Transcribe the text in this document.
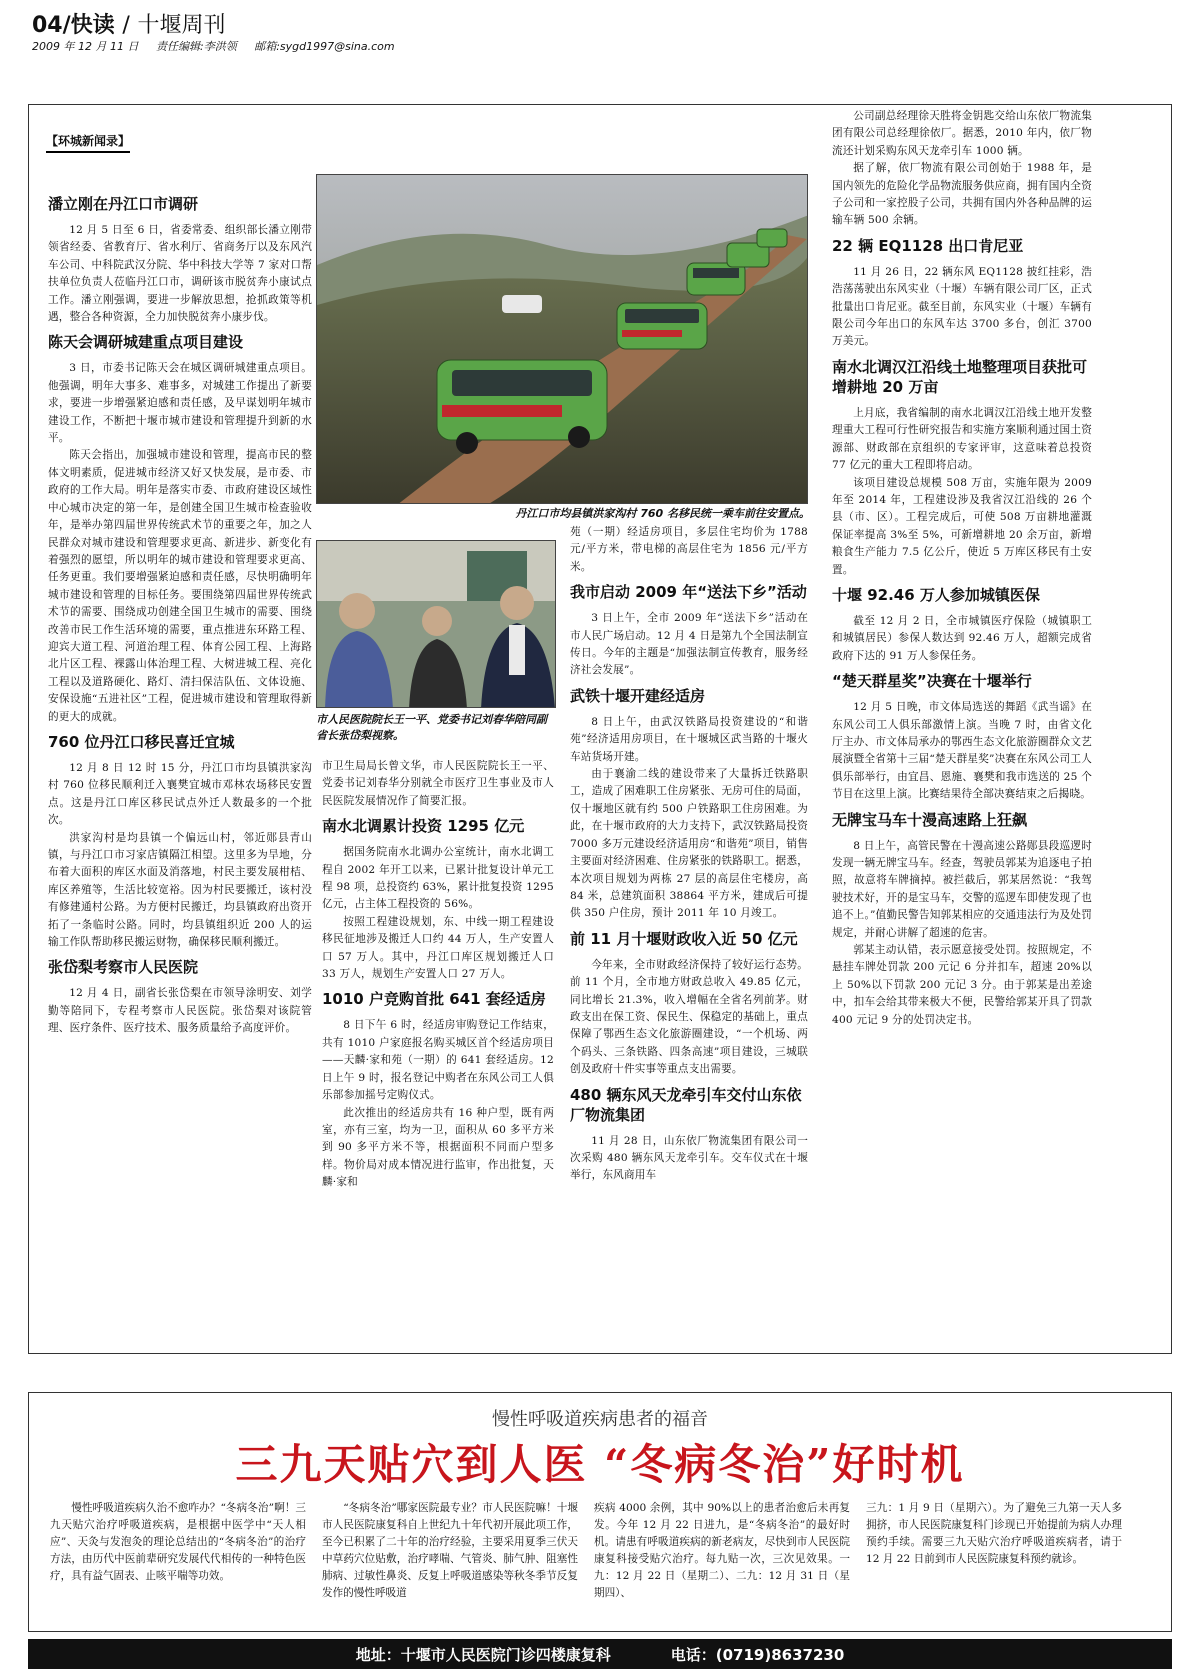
04/快读 / 十堰周刊
2009 年 12 月 11 日 责任编辑:李洪领 邮箱:sygd1997@sina.com
【环城新闻录】
潘立刚在丹江口市调研

12 月 5 日至 6 日，省委常委、组织部长潘立刚带领省经委、省教育厅、省水利厅、省商务厅以及东风汽车公司、中科院武汉分院、华中科技大学等 7 家对口帮扶单位负责人莅临丹江口市，调研该市脱贫奔小康试点工作。潘立刚强调，要进一步解放思想，抢抓政策等机遇，整合各种资源，全力加快脱贫奔小康步伐。

陈天会调研城建重点项目建设

3 日，市委书记陈天会在城区调研城建重点项目。他强调，明年大事多、难事多，对城建工作提出了新要求，要进一步增强紧迫感和责任感，及早谋划明年城市建设工作，不断把十堰市城市建设和管理提升到新的水平。

陈天会指出，加强城市建设和管理，提高市民的整体文明素质，促进城市经济又好又快发展，是市委、市政府的工作大局。明年是落实市委、市政府建设区域性中心城市决定的第一年，是创建全国卫生城市检查验收年，是举办第四届世界传统武术节的重要之年，加之人民群众对城市建设和管理要求更高、新进步、新变化有着强烈的愿望，所以明年的城市建设和管理要求更高、任务更重。我们要增强紧迫感和责任感，尽快明确明年城市建设和管理的目标任务。要围绕第四届世界传统武术节的需要、围绕成功创建全国卫生城市的需要、围绕改善市民工作生活环境的需要，重点推进东环路工程、迎宾大道工程、河道治理工程、体育公园工程、上海路北片区工程、裸露山体治理工程、大树进城工程、亮化工程以及道路硬化、路灯、清扫保洁队伍、文体设施、安保设施“五进社区”工程，促进城市建设和管理取得新的更大的成就。

760 位丹江口移民喜迁宜城

12 月 8 日 12 时 15 分，丹江口市均县镇洪家沟村 760 位移民顺利迁入襄樊宜城市邓林农场移民安置点。这是丹江口库区移民试点外迁人数最多的一个批次。

洪家沟村是均县镇一个偏远山村，邻近郧县青山镇，与丹江口市习家店镇隔江相望。这里多为旱地，分布着大面积的库区水面及消落地，村民主要发展柑桔、库区养殖等，生活比较宽裕。因为村民要搬迁，该村没有修建通村公路。为方便村民搬迁，均县镇政府出资开拓了一条临时公路。同时，均县镇组织近 200 人的运输工作队帮助移民搬运财物，确保移民顺利搬迁。

张岱梨考察市人民医院

12 月 4 日，副省长张岱梨在市领导涂明安、刘学勤等陪同下，专程考察市人民医院。张岱梨对该院管理、医疗条件、医疗技术、服务质量给予高度评价。

丹江口市均县镇洪家沟村 760 名移民统一乘车前往安置点。
市人民医院院长王一平、党委书记刘春华陪同副省长张岱梨视察。

市卫生局局长曾文华，市人民医院院长王一平、党委书记刘春华分别就全市医疗卫生事业及市人民医院发展情况作了简要汇报。

南水北调累计投资 1295 亿元

据国务院南水北调办公室统计，南水北调工程自 2002 年开工以来，已累计批复设计单元工程 98 项，总投资约 63%，累计批复投资 1295 亿元，占主体工程投资的 56%。

按照工程建设规划，东、中线一期工程建设移民征地涉及搬迁人口约 44 万人，生产安置人口 57 万人。其中，丹江口库区规划搬迁人口 33 万人，规划生产安置人口 27 万人。

1010 户竞购首批 641 套经适房

8 日下午 6 时，经适房审购登记工作结束，共有 1010 户家庭报名购买城区首个经适房项目——天麟·家和苑（一期）的 641 套经适房。12 日上午 9 时，报名登记中购者在东风公司工人俱乐部参加摇号定购仪式。

此次推出的经适房共有 16 种户型，既有两室，亦有三室，均为一卫，面积从 60 多平方米到 90 多平方米不等，根据面积不同而户型多样。物价局对成本情况进行监审，作出批复，天麟·家和

苑（一期）经适房项目，多层住宅均价为 1788 元/平方米，带电梯的高层住宅为 1856 元/平方米。

我市启动 2009 年“送法下乡”活动

3 日上午，全市 2009 年“送法下乡”活动在市人民广场启动。12 月 4 日是第九个全国法制宣传日。今年的主题是“加强法制宣传教育，服务经济社会发展”。

武铁十堰开建经适房

8 日上午，由武汉铁路局投资建设的“和谐苑”经济适用房项目，在十堰城区武当路的十堰火车站货场开建。

由于襄渝二线的建设带来了大量拆迁铁路职工，造成了困难职工住房紧张、无房可住的局面，仅十堰地区就有约 500 户铁路职工住房困难。为此，在十堰市政府的大力支持下，武汉铁路局投资 7000 多万元建设经济适用房“和谐苑”项目，销售主要面对经济困难、住房紧张的铁路职工。据悉，本次项目规划为两栋 27 层的高层住宅楼房，高 84 米，总建筑面积 38864 平方米，建成后可提供 350 户住房，预计 2011 年 10 月竣工。

前 11 月十堰财政收入近 50 亿元

今年来，全市财政经济保持了较好运行态势。前 11 个月，全市地方财政总收入 49.85 亿元，同比增长 21.3%，收入增幅在全省名列前茅。财政支出在保工资、保民生、保稳定的基础上，重点保障了鄂西生态文化旅游圈建设，“一个机场、两个码头、三条铁路、四条高速”项目建设，三城联创及政府十件实事等重点支出需要。

480 辆东风天龙牵引车交付山东依厂物流集团

11 月 28 日，山东依厂物流集团有限公司一次采购 480 辆东风天龙牵引车。交车仪式在十堰举行，东风商用车

公司副总经理徐天胜将金钥匙交给山东依厂物流集团有限公司总经理徐依厂。据悉，2010 年内，依厂物流还计划采购东风天龙牵引车 1000 辆。

据了解，依厂物流有限公司创始于 1988 年，是国内领先的危险化学品物流服务供应商，拥有国内全资子公司和一家控股子公司，共拥有国内外各种品牌的运输车辆 500 余辆。

22 辆 EQ1128 出口肯尼亚

11 月 26 日，22 辆东风 EQ1128 披红挂彩，浩浩荡荡驶出东风实业（十堰）车辆有限公司厂区，正式批量出口肯尼亚。截至目前，东风实业（十堰）车辆有限公司今年出口的东风车达 3700 多台，创汇 3700 万美元。

南水北调汉江沿线土地整理项目获批可增耕地 20 万亩

上月底，我省编制的南水北调汉江沿线土地开发整理重大工程可行性研究报告和实施方案顺利通过国土资源部、财政部在京组织的专家评审，这意味着总投资 77 亿元的重大工程即将启动。

该项目建设总规模 508 万亩，实施年限为 2009 年至 2014 年，工程建设涉及我省汉江沿线的 26 个县（市、区）。工程完成后，可使 508 万亩耕地灌溉保证率提高 3%至 5%，可新增耕地 20 余万亩，新增粮食生产能力 7.5 亿公斤，使近 5 万库区移民有土安置。

十堰 92.46 万人参加城镇医保

截至 12 月 2 日，全市城镇医疗保险（城镇职工和城镇居民）参保人数达到 92.46 万人，超额完成省政府下达的 91 万人参保任务。

“楚天群星奖”决赛在十堰举行

12 月 5 日晚，市文体局选送的舞蹈《武当谣》在东风公司工人俱乐部激情上演。当晚 7 时，由省文化厅主办、市文体局承办的鄂西生态文化旅游圈群众文艺展演暨全省第十三届“楚天群星奖”决赛在东风公司工人俱乐部举行，由宜昌、恩施、襄樊和我市选送的 25 个节目在这里上演。比赛结果待全部决赛结束之后揭晓。

无牌宝马车十漫高速路上狂飙

8 日上午，高管民警在十漫高速公路郧县段巡逻时发现一辆无牌宝马车。经查，驾驶员郭某为追逐电子拍照，故意将车牌摘掉。被拦截后，郭某居然说：“我驾驶技术好，开的是宝马车，交警的巡逻车即使发现了也追不上。”值勤民警告知郭某相应的交通违法行为及处罚规定，并耐心讲解了超速的危害。

郭某主动认错，表示愿意接受处罚。按照规定，不悬挂车牌处罚款 200 元记 6 分并扣车，超速 20%以上 50%以下罚款 200 元记 3 分。由于郭某是出差途中，扣车会给其带来极大不便，民警给郭某开具了罚款 400 元记 9 分的处罚决定书。

慢性呼吸道疾病患者的福音
三九天贴穴到人医 “冬病冬治”好时机
慢性呼吸道疾病久治不愈咋办？“冬病冬治”啊！三九天贴穴治疗呼吸道疾病，是根据中医学中“天人相应”、天灸与发泡灸的理论总结出的“冬病冬治”的治疗方法，由历代中医前辈研究发展代代相传的一种特色医疗，具有益气固表、止咳平喘等功效。
“冬病冬治”哪家医院最专业？市人民医院嘛！十堰市人民医院康复科自上世纪九十年代初开展此项工作，至今已积累了二十年的治疗经验，主要采用夏季三伏天中草药穴位贴敷，治疗哮喘、气管炎、肺气肿、阻塞性肺病、过敏性鼻炎、反复上呼吸道感染等秋冬季节反复发作的慢性呼吸道
疾病 4000 余例，其中 90%以上的患者治愈后未再复发。今年 12 月 22 日进九，是“冬病冬治”的最好时机。请患有呼吸道疾病的新老病友，尽快到市人民医院康复科接受贴穴治疗。每九贴一次，三次见效果。一九：12 月 22 日（星期二）、二九：12 月 31 日（星期四）、
三九：1 月 9 日（星期六）。为了避免三九第一天人多拥挤，市人民医院康复科门诊现已开始提前为病人办理预约手续。需要三九天贴穴治疗呼吸道疾病者，请于 12 月 22 日前到市人民医院康复科预约就诊。
地址：十堰市人民医院门诊四楼康复科	电话：(0719)8637230
